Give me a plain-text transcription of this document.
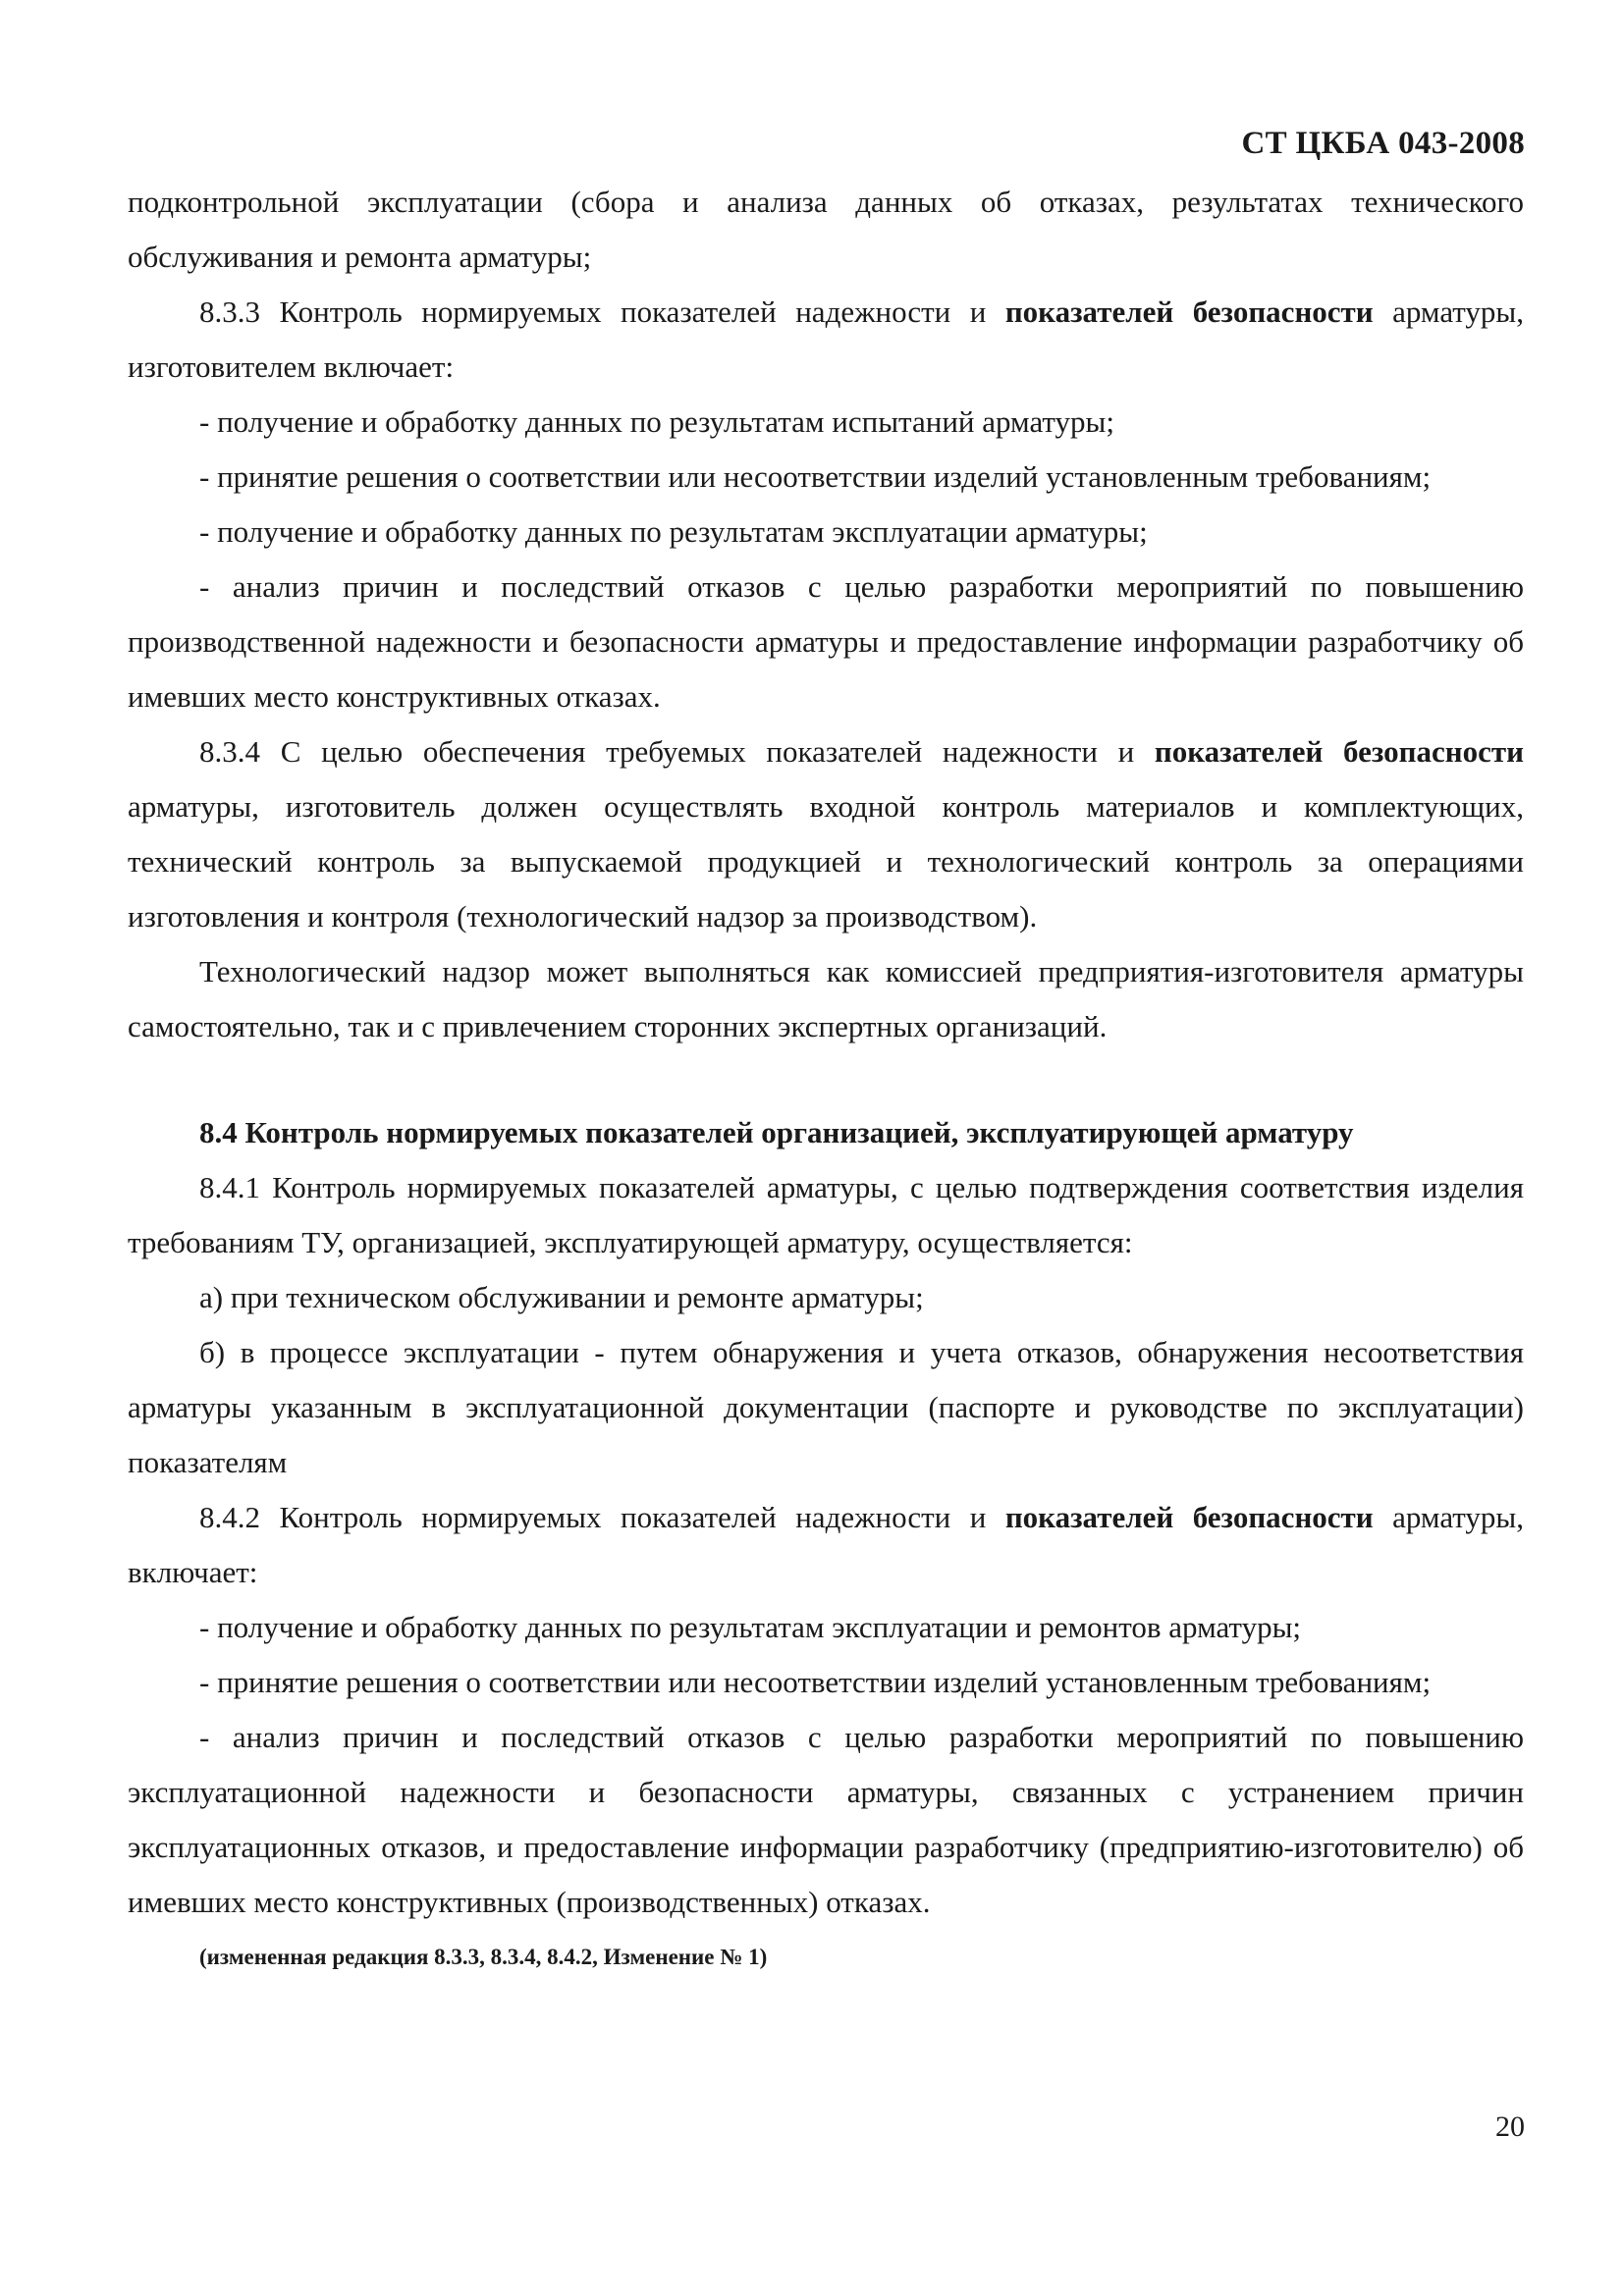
СТ ЦКБА 043-2008

подконтрольной эксплуатации (сбора и анализа данных об отказах, результатах технического обслуживания и ремонта арматуры;

8.3.3 Контроль нормируемых показателей надежности и показателей безопасности арматуры, изготовителем включает:

- получение и обработку данных по результатам испытаний арматуры;

- принятие решения о соответствии или несоответствии изделий установленным требованиям;

- получение и обработку данных по результатам эксплуатации арматуры;

- анализ причин и последствий отказов с целью разработки мероприятий по повышению производственной надежности и безопасности арматуры и предоставление информации разработчику об имевших место конструктивных отказах.

8.3.4 С целью обеспечения требуемых показателей надежности и показателей безопасности арматуры, изготовитель должен осуществлять входной контроль материалов и комплектующих, технический контроль за выпускаемой продукцией и технологический контроль за операциями изготовления и контроля (технологический надзор за производством).

Технологический надзор может выполняться как комиссией предприятия-изготовителя арматуры самостоятельно, так и с привлечением сторонних экспертных организаций.

8.4 Контроль нормируемых показателей организацией, эксплуатирующей арматуру

8.4.1 Контроль нормируемых показателей арматуры, с целью подтверждения соответствия изделия требованиям ТУ, организацией, эксплуатирующей арматуру, осуществляется:

а) при техническом обслуживании и ремонте арматуры;

б) в процессе эксплуатации - путем обнаружения и учета отказов, обнаружения несоответствия арматуры указанным в эксплуатационной документации (паспорте и руководстве по эксплуатации) показателям

8.4.2 Контроль нормируемых показателей надежности и показателей безопасности арматуры, включает:

- получение и обработку данных по результатам эксплуатации и ремонтов арматуры;

- принятие решения о соответствии или несоответствии изделий установленным требованиям;

- анализ причин и последствий отказов с целью разработки мероприятий по повышению эксплуатационной надежности и безопасности арматуры, связанных с устранением причин эксплуатационных отказов, и предоставление информации разработчику (предприятию-изготовителю) об имевших место конструктивных (производственных) отказах.

(измененная редакция 8.3.3, 8.3.4, 8.4.2, Изменение № 1)

20
